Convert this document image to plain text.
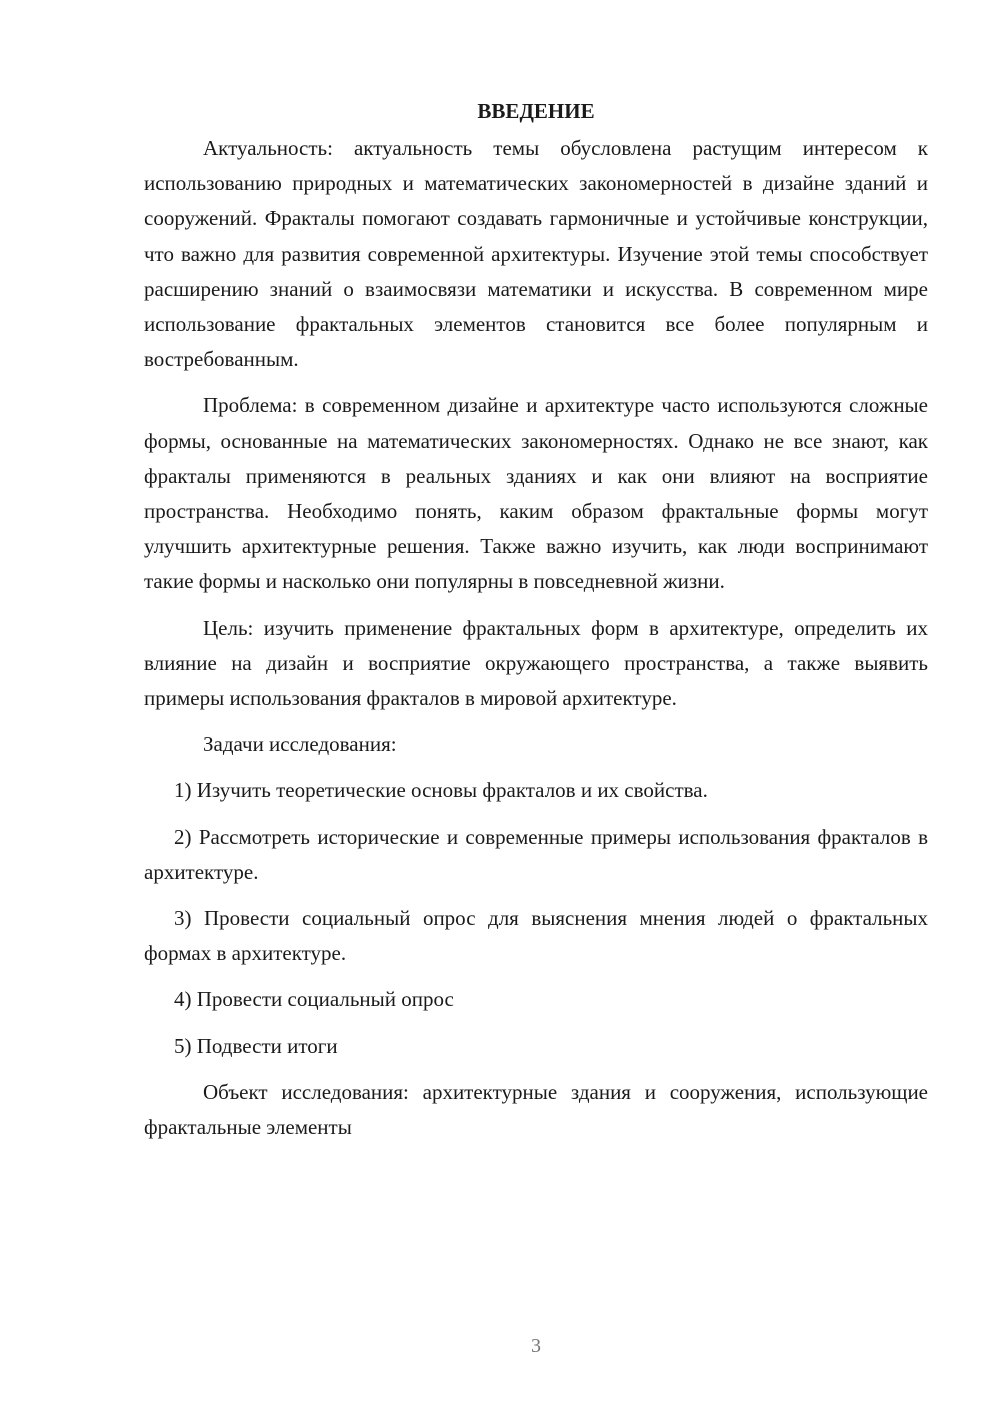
ВВЕДЕНИЕ

Актуальность: актуальность темы обусловлена растущим интересом к использованию природных и математических закономерностей в дизайне зданий и сооружений. Фракталы помогают создавать гармоничные и устойчивые конструкции, что важно для развития современной архитектуры. Изучение этой темы способствует расширению знаний о взаимосвязи математики и искусства. В современном мире использование фрактальных элементов становится все более популярным и востребованным.

Проблема: в современном дизайне и архитектуре часто используются сложные формы, основанные на математических закономерностях. Однако не все знают, как фракталы применяются в реальных зданиях и как они влияют на восприятие пространства. Необходимо понять, каким образом фрактальные формы могут улучшить архитектурные решения. Также важно изучить, как люди воспринимают такие формы и насколько они популярны в повседневной жизни.

Цель: изучить применение фрактальных форм в архитектуре, определить их влияние на дизайн и восприятие окружающего пространства, а также выявить примеры использования фракталов в мировой архитектуре.

Задачи исследования:

1) Изучить теоретические основы фракталов и их свойства.

2) Рассмотреть исторические и современные примеры использования фракталов в архитектуре.

3) Провести социальный опрос для выяснения мнения людей о фрактальных формах в архитектуре.

4) Провести социальный опрос

5) Подвести итоги

Объект исследования: архитектурные здания и сооружения, использующие фрактальные элементы

3
